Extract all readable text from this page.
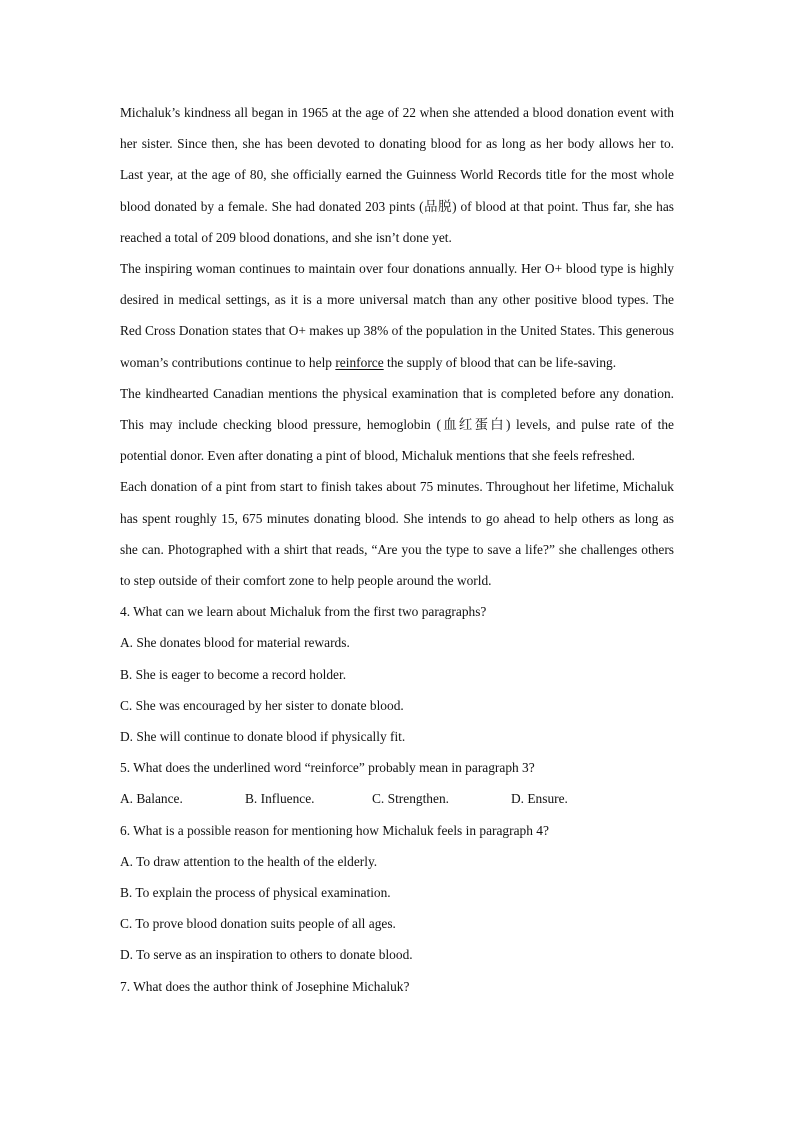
Michaluk’s kindness all began in 1965 at the age of 22 when she attended a blood donation event with her sister. Since then, she has been devoted to donating blood for as long as her body allows her to. Last year, at the age of 80, she officially earned the Guinness World Records title for the most whole blood donated by a female. She had donated 203 pints (品脱) of blood at that point. Thus far, she has reached a total of 209 blood donations, and she isn’t done yet.

The inspiring woman continues to maintain over four donations annually. Her O+ blood type is highly desired in medical settings, as it is a more universal match than any other positive blood types. The Red Cross Donation states that O+ makes up 38% of the population in the United States. This generous woman’s contributions continue to help reinforce the supply of blood that can be life-saving.

The kindhearted Canadian mentions the physical examination that is completed before any donation. This may include checking blood pressure, hemoglobin (血红蛋白) levels, and pulse rate of the potential donor. Even after donating a pint of blood, Michaluk mentions that she feels refreshed.

Each donation of a pint from start to finish takes about 75 minutes. Throughout her lifetime, Michaluk has spent roughly 15, 675 minutes donating blood. She intends to go ahead to help others as long as she can. Photographed with a shirt that reads, “Are you the type to save a life?” she challenges others to step outside of their comfort zone to help people around the world.

4. What can we learn about Michaluk from the first two paragraphs?
A. She donates blood for material rewards.
B. She is eager to become a record holder.
C. She was encouraged by her sister to donate blood.
D. She will continue to donate blood if physically fit.
5. What does the underlined word “reinforce” probably mean in paragraph 3?
A. Balance.	B. Influence.	C. Strengthen.	D. Ensure.
6. What is a possible reason for mentioning how Michaluk feels in paragraph 4?
A. To draw attention to the health of the elderly.
B. To explain the process of physical examination.
C. To prove blood donation suits people of all ages.
D. To serve as an inspiration to others to donate blood.
7. What does the author think of Josephine Michaluk?
